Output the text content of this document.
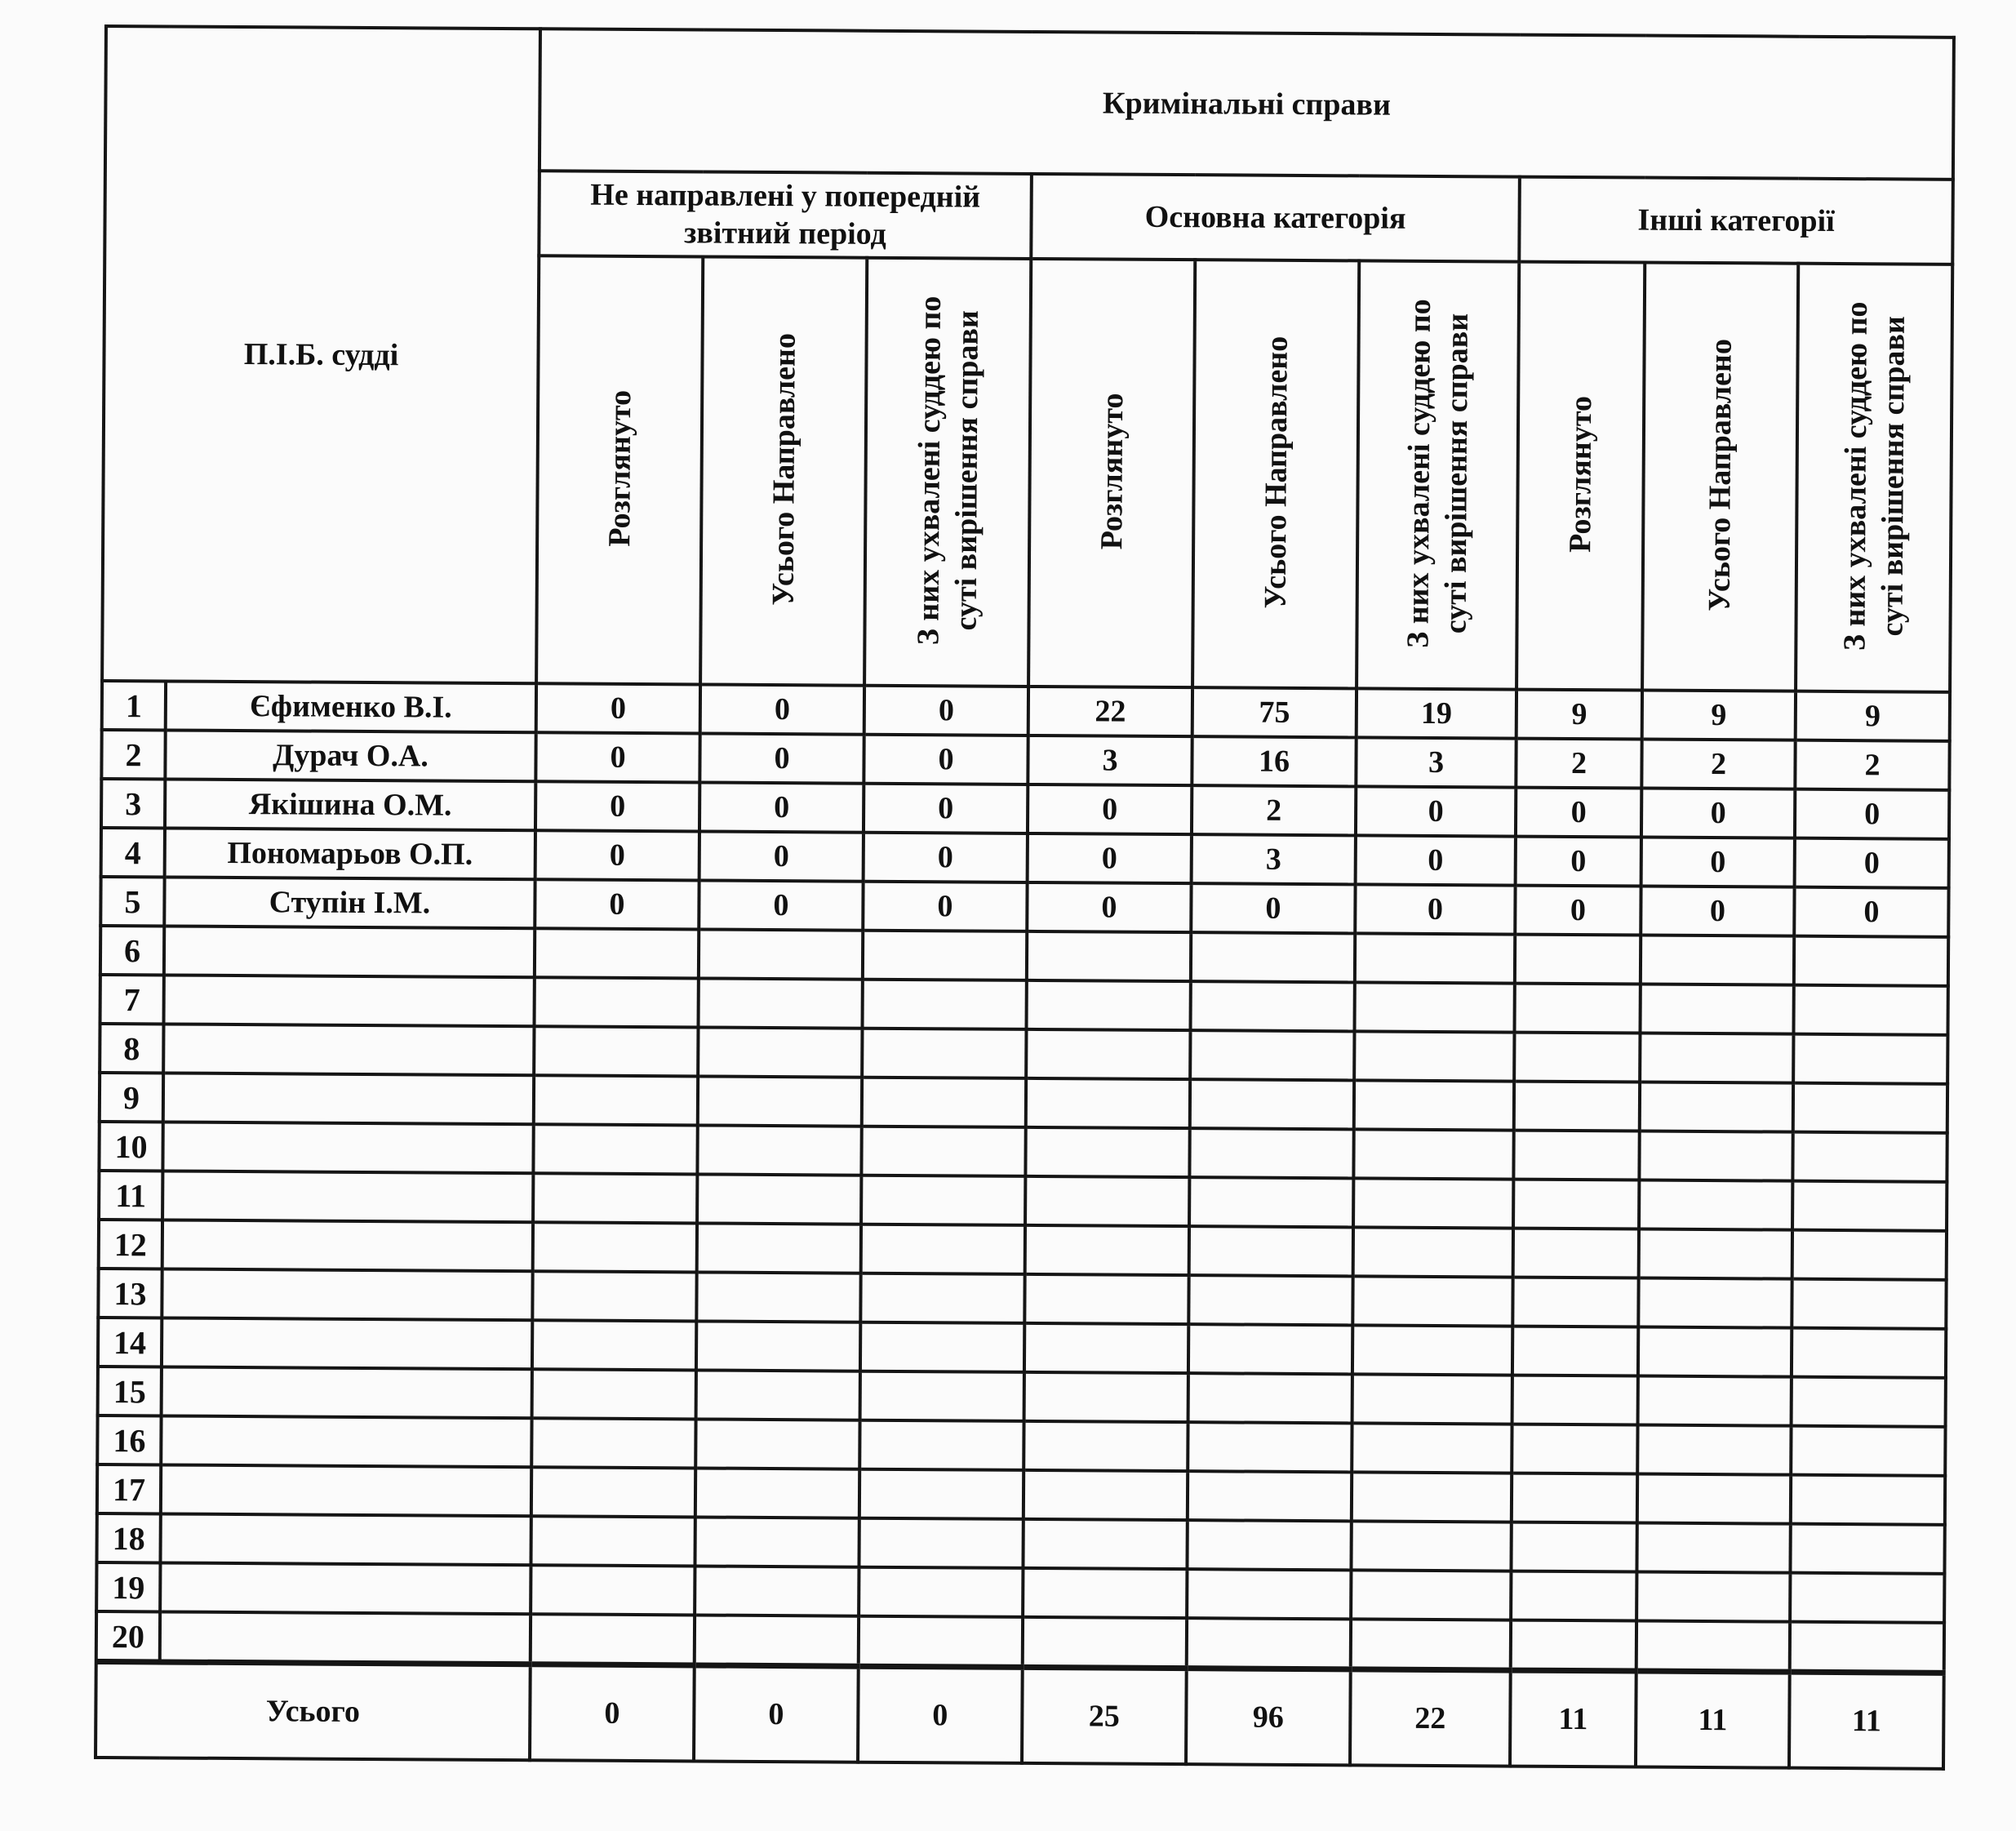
П.І.Б. судді		Кримінальні справи								
		Не направлені у попередній звітний період			Основна категорія			Інші категорії		
		Розглянуто	Усього Направлено	З них ухвалені суддею по суті вирішення справи	Розглянуто	Усього Направлено	З них ухвалені суддею по суті вирішення справи	Розглянуто	Усього Направлено	З них ухвалені суддею по суті вирішення справи
1	Єфименко В.І.	0	0	0	22	75	19	9	9	9
2	Дурач О.А.	0	0	0	3	16	3	2	2	2
3	Якішина О.М.	0	0	0	0	2	0	0	0	0
4	Пономарьов О.П.	0	0	0	0	3	0	0	0	0
5	Ступін І.М.	0	0	0	0	0	0	0	0	0
6										
7										
8										
9										
10										
11										
12										
13										
14										
15										
16										
17										
18										
19										
20										
Усього		0	0	0	25	96	22	11	11	11
